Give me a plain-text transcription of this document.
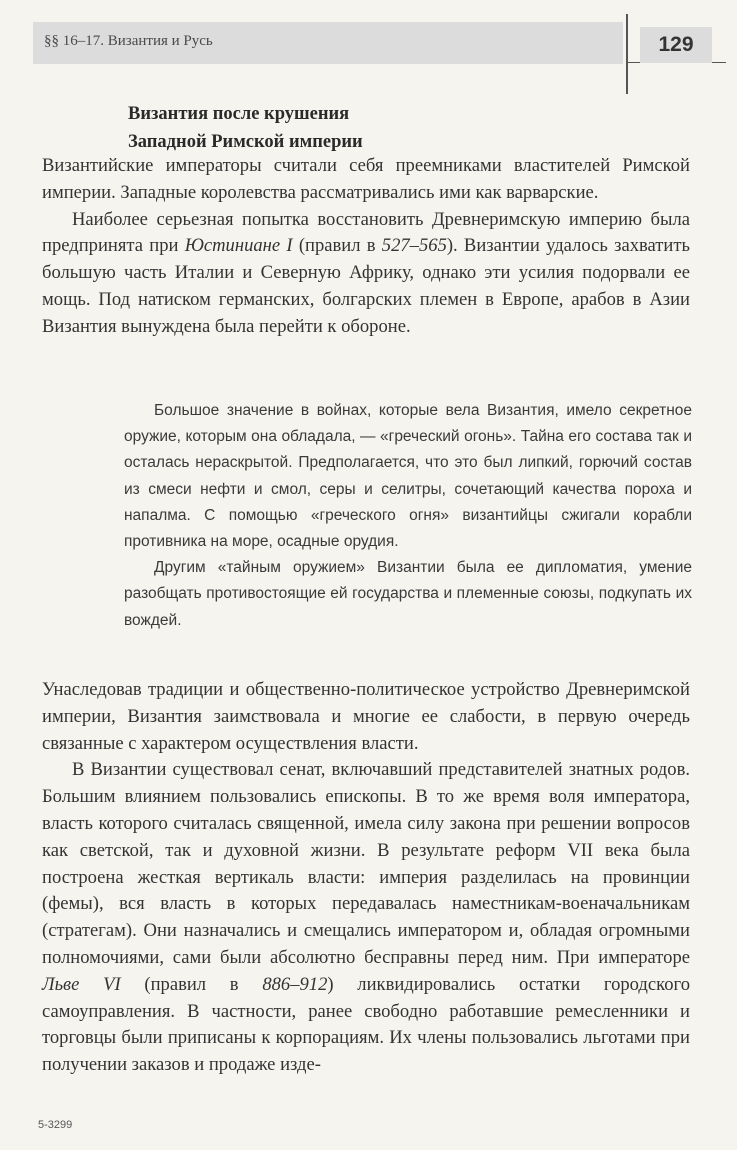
§§ 16–17. Византия и Русь	129
Византия после крушения
Западной Римской империи

Византийские императоры считали себя преемниками властителей Римской империи. Западные королевства рассматривались ими как варварские.

Наиболее серьезная попытка восстановить Древнеримскую империю была предпринята при Юстиниане I (правил в 527–565). Византии удалось захватить большую часть Италии и Северную Африку, однако эти усилия подорвали ее мощь. Под натиском германских, болгарских племен в Европе, арабов в Азии Византия вынуждена была перейти к обороне.

Большое значение в войнах, которые вела Византия, имело секретное оружие, которым она обладала, — «греческий огонь». Тайна его состава так и осталась нераскрытой. Предполагается, что это был липкий, горючий состав из смеси нефти и смол, серы и селитры, сочетающий качества пороха и напалма. С помощью «греческого огня» византийцы сжигали корабли противника на море, осадные орудия.

Другим «тайным оружием» Византии была ее дипломатия, умение разобщать противостоящие ей государства и племенные союзы, подкупать их вождей.

Унаследовав традиции и общественно-политическое устройство Древнеримской империи, Византия заимствовала и многие ее слабости, в первую очередь связанные с характером осуществления власти.

В Византии существовал сенат, включавший представителей знатных родов. Большим влиянием пользовались епископы. В то же время воля императора, власть которого считалась священной, имела силу закона при решении вопросов как светской, так и духовной жизни. В результате реформ VII века была построена жесткая вертикаль власти: империя разделилась на провинции (фемы), вся власть в которых передавалась наместникам-военачальникам (стратегам). Они назначались и смещались императором и, обладая огромными полномочиями, сами были абсолютно бесправны перед ним. При императоре Льве VI (правил в 886–912) ликвидировались остатки городского самоуправления. В частности, ранее свободно работавшие ремесленники и торговцы были приписаны к корпорациям. Их члены пользовались льготами при получении заказов и продаже изде-

5-3299
